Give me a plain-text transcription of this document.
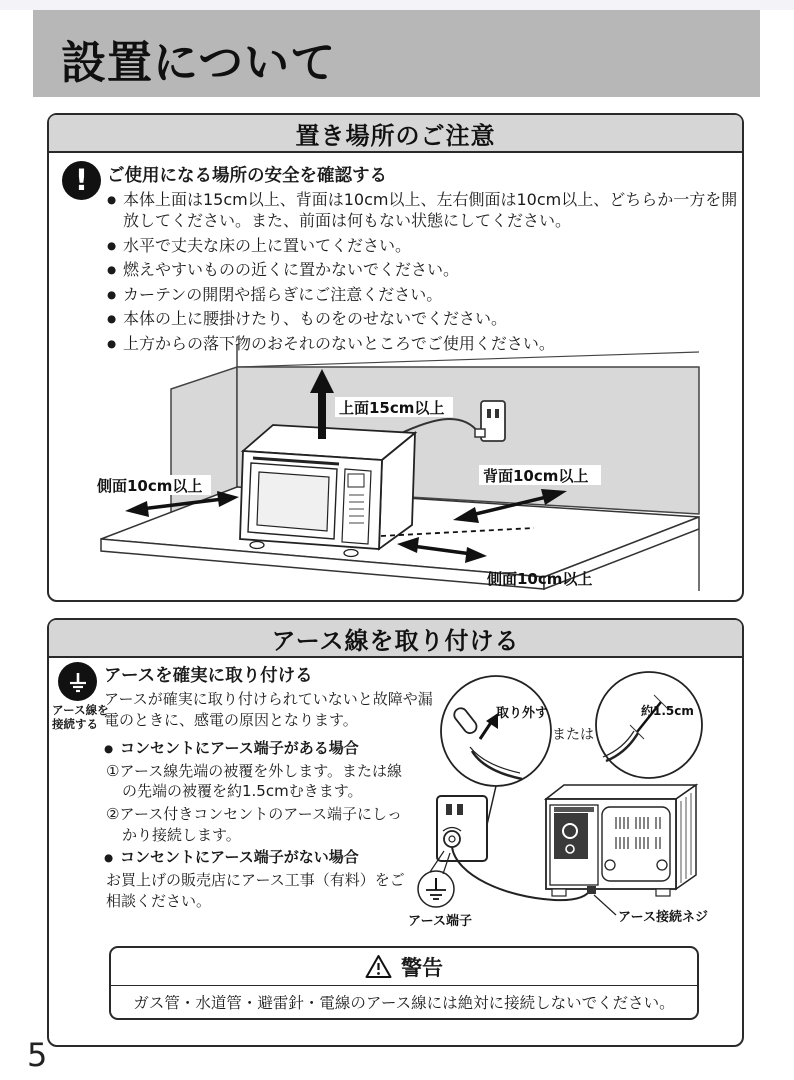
設置について
置き場所のご注意
!
ご使用になる場所の安全を確認する
● 本体上面は15cm以上、背面は10cm以上、左右側面は10cm以上、どちらか一方を開放してください。また、前面は何もない状態にしてください。
● 水平で丈夫な床の上に置いてください。
● 燃えやすいものの近くに置かないでください。
● カーテンの開閉や揺らぎにご注意ください。
● 本体の上に腰掛けたり、ものをのせないでください。
● 上方からの落下物のおそれのないところでご使用ください。
上面15cm以上
側面10cm以上
背面10cm以上
側面10cm以上
アース線を取り付ける
アース線を接続する
アースを確実に取り付ける
アースが確実に取り付けられていないと故障や漏電のときに、感電の原因となります。
● コンセントにアース端子がある場合
①アース線先端の被覆を外します。または線の先端の被覆を約1.5cmむきます。
②アース付きコンセントのアース端子にしっかり接続します。
● コンセントにアース端子がない場合
お買上げの販売店にアース工事（有料）をご相談ください。
取り外す
または
約1.5cm
アース端子	アース接続ネジ
警告
ガス管・水道管・避雷針・電線のアース線には絶対に接続しないでください。
5
